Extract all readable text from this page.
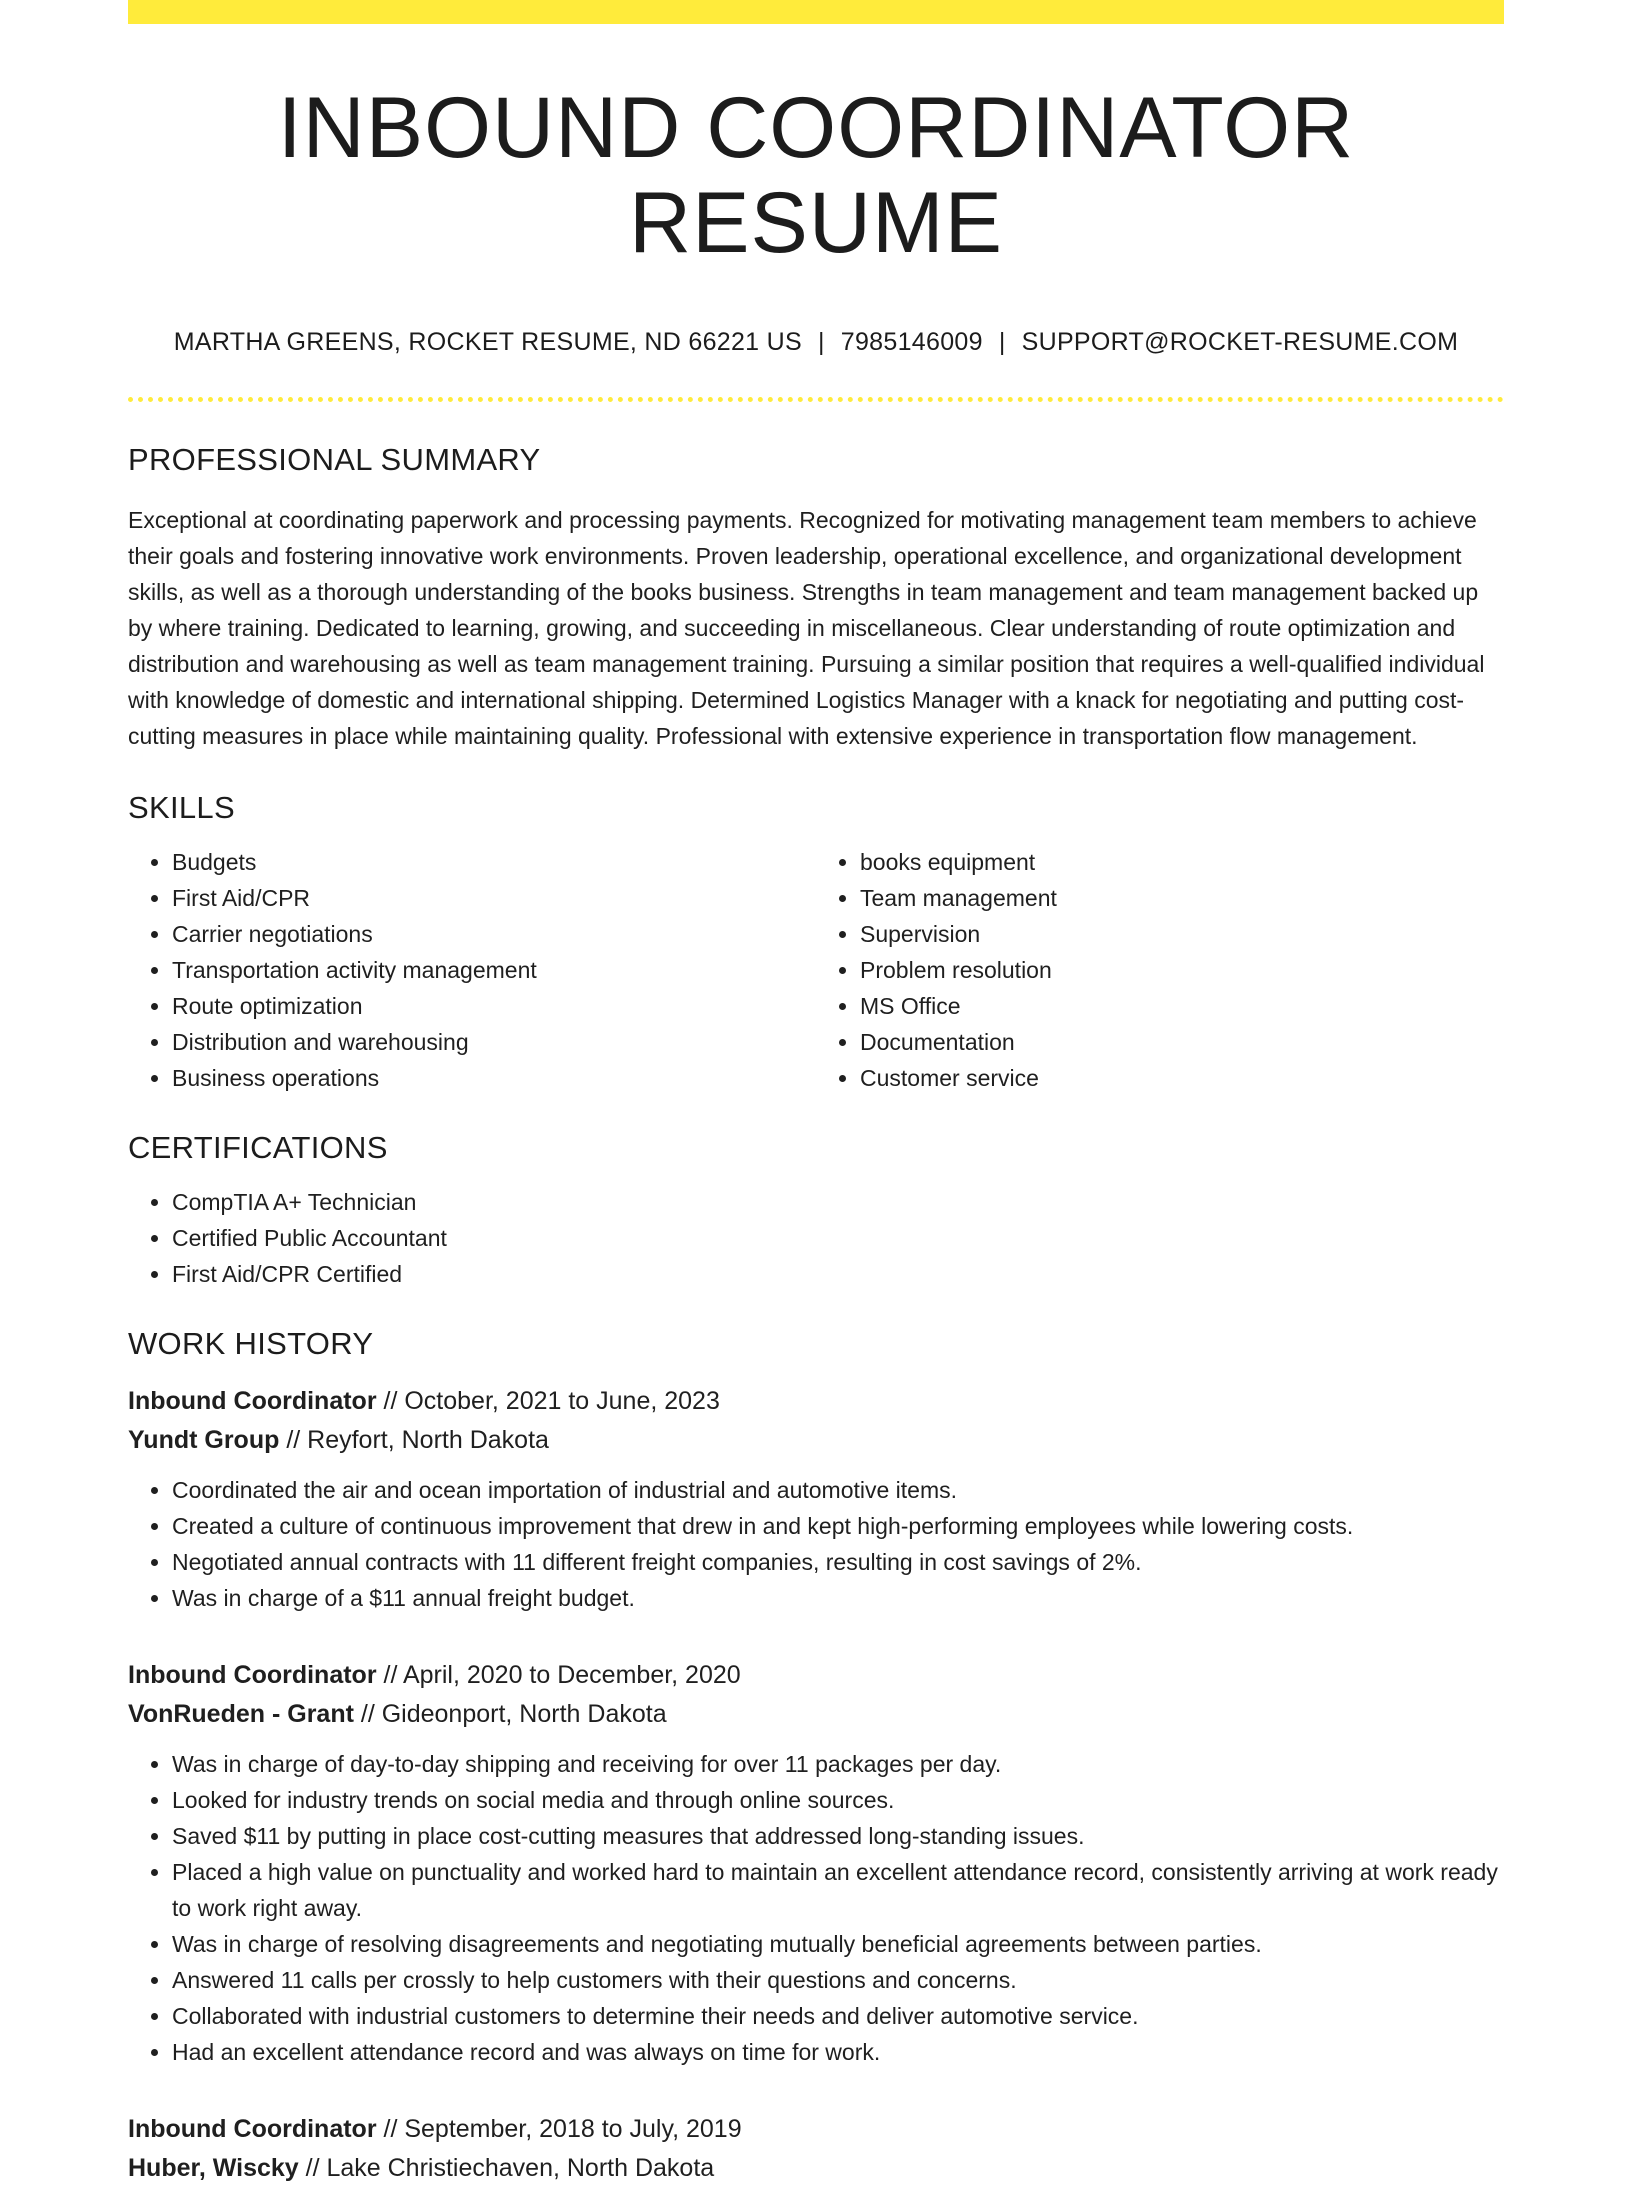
INBOUND COORDINATOR RESUME
MARTHA GREENS, ROCKET RESUME, ND 66221 US | 7985146009 | SUPPORT@ROCKET-RESUME.COM
PROFESSIONAL SUMMARY
Exceptional at coordinating paperwork and processing payments. Recognized for motivating management team members to achieve their goals and fostering innovative work environments. Proven leadership, operational excellence, and organizational development skills, as well as a thorough understanding of the books business. Strengths in team management and team management backed up by where training. Dedicated to learning, growing, and succeeding in miscellaneous. Clear understanding of route optimization and distribution and warehousing as well as team management training. Pursuing a similar position that requires a well-qualified individual with knowledge of domestic and international shipping. Determined Logistics Manager with a knack for negotiating and putting cost-cutting measures in place while maintaining quality. Professional with extensive experience in transportation flow management.
SKILLS
• Budgets
• First Aid/CPR
• Carrier negotiations
• Transportation activity management
• Route optimization
• Distribution and warehousing
• Business operations
• books equipment
• Team management
• Supervision
• Problem resolution
• MS Office
• Documentation
• Customer service
CERTIFICATIONS
• CompTIA A+ Technician
• Certified Public Accountant
• First Aid/CPR Certified
WORK HISTORY
Inbound Coordinator // October, 2021 to June, 2023
Yundt Group // Reyfort, North Dakota
• Coordinated the air and ocean importation of industrial and automotive items.
• Created a culture of continuous improvement that drew in and kept high-performing employees while lowering costs.
• Negotiated annual contracts with 11 different freight companies, resulting in cost savings of 2%.
• Was in charge of a $11 annual freight budget.
Inbound Coordinator // April, 2020 to December, 2020
VonRueden - Grant // Gideonport, North Dakota
• Was in charge of day-to-day shipping and receiving for over 11 packages per day.
• Looked for industry trends on social media and through online sources.
• Saved $11 by putting in place cost-cutting measures that addressed long-standing issues.
• Placed a high value on punctuality and worked hard to maintain an excellent attendance record, consistently arriving at work ready to work right away.
• Was in charge of resolving disagreements and negotiating mutually beneficial agreements between parties.
• Answered 11 calls per crossly to help customers with their questions and concerns.
• Collaborated with industrial customers to determine their needs and deliver automotive service.
• Had an excellent attendance record and was always on time for work.
Inbound Coordinator // September, 2018 to July, 2019
Huber, Wiscky // Lake Christiechaven, North Dakota
